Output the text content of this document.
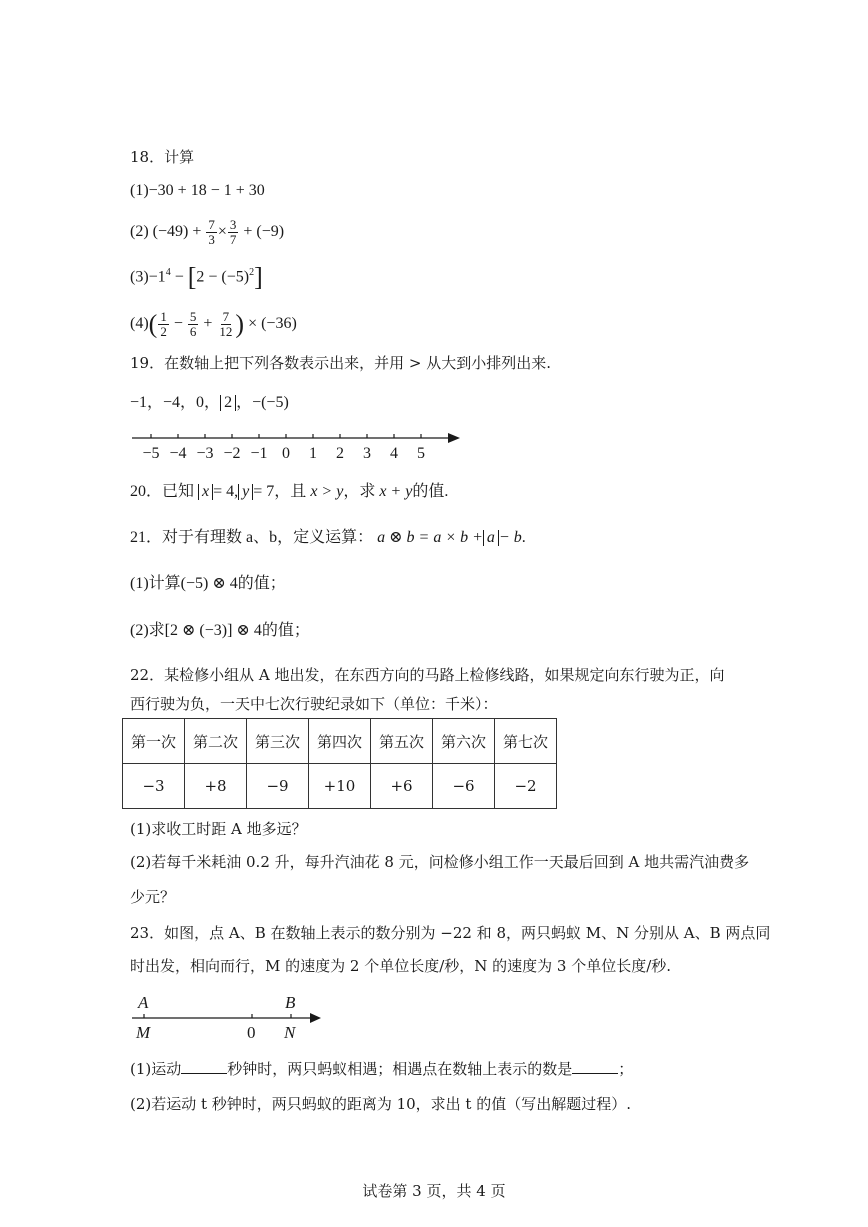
18．计算
(1)−30 + 18 − 1 + 30
(2) $(-49) + \frac{7}{3} \times \frac{3}{7} + (-9)$
$(3)-1^4 - [2 - (-5)^2]$
$(4)( \frac{1}{2} - \frac{5}{6} + \frac{7}{12}$ ) × (−36)
19．在数轴上把下列各数表示出来，并用 > 从大到小排列出来.
−1，−4，0， 2 ，−(−5)
−5 −4 −3 −2 −1 0 1 2 3 4 5
20．已知 x = 4, y = 7，且 x > y，求 x + y的值.
21．对于有理数 a、b，定义运算： a ⊗ b = a × b + a − b.
(1)计算(−5) ⊗ 4的值；
(2)求[2 ⊗ (−3)] ⊗ 4的值；
22．某检修小组从 A 地出发，在东西方向的马路上检修线路，如果规定向东行驶为正，向
西行驶为负，一天中七次行驶纪录如下（单位：千米）：
第一次	第二次	第三次	第四次	第五次	第六次	第七次
−3	+8	−9	+10	+6	−6	−2
(1)求收工时距 A 地多远？
(2)若每千米耗油 0.2 升，每升汽油花 8 元，问检修小组工作一天最后回到 A 地共需汽油费多
少元？
23．如图，点 A、B 在数轴上表示的数分别为 −22 和 8，两只蚂蚁 M、N 分别从 A、B 两点同
时出发，相向而行，M 的速度为 2 个单位长度/秒，N 的速度为 3 个单位长度/秒.
A	B
M	0 N
(1)运动	秒钟时，两只蚂蚁相遇；相遇点在数轴上表示的数是	；
(2)若运动 t 秒钟时，两只蚂蚁的距离为 10，求出 t 的值（写出解题过程）.
试卷第 3 页，共 4 页
